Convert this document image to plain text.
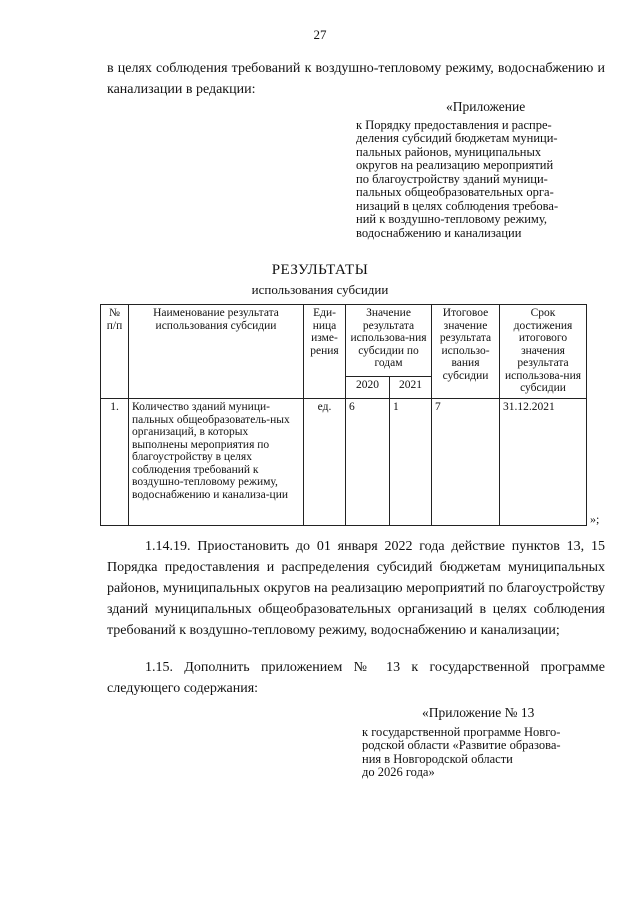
27
в целях соблюдения требований к воздушно-тепловому режиму, водоснабжению и канализации в редакции:
«Приложение
к Порядку предоставления и распре-
деления субсидий бюджетам муници-
пальных районов, муниципальных
округов на реализацию мероприятий
по благоустройству зданий муници-
пальных общеобразовательных орга-
низаций в целях соблюдения требова-
ний к воздушно-тепловому режиму,
водоснабжению и канализации
РЕЗУЛЬТАТЫ
использования субсидии
№ п/п	Наименование результата использования субсидии	Еди-ница изме-рения	Значение результата использова-ния субсидии по годам		Итоговое значение результата использо-вания субсидии	Срок достижения итогового значения результата использова-ния субсидии
			2020	2021		
1.	Количество зданий муници-пальных общеобразователь-ных организаций, в которых выполнены мероприятия по благоустройству в целях соблюдения требований к воздушно-тепловому режиму, водоснабжению и канализа-ции	ед.	6	1	7	31.12.2021
»;
1.14.19. Приостановить до 01 января 2022 года действие пунктов 13, 15 Порядка предоставления и распределения субсидий бюджетам муниципальных районов, муниципальных округов на реализацию мероприятий по благоустройству зданий муниципальных общеобразовательных организаций в целях соблюдения требований к воздушно-тепловому режиму, водоснабжению и канализации;
1.15. Дополнить приложением № 13 к государственной программе следующего содержания:
«Приложение № 13
к государственной программе Новго-
родской области «Развитие образова-
ния в Новгородской области
до 2026 года»
